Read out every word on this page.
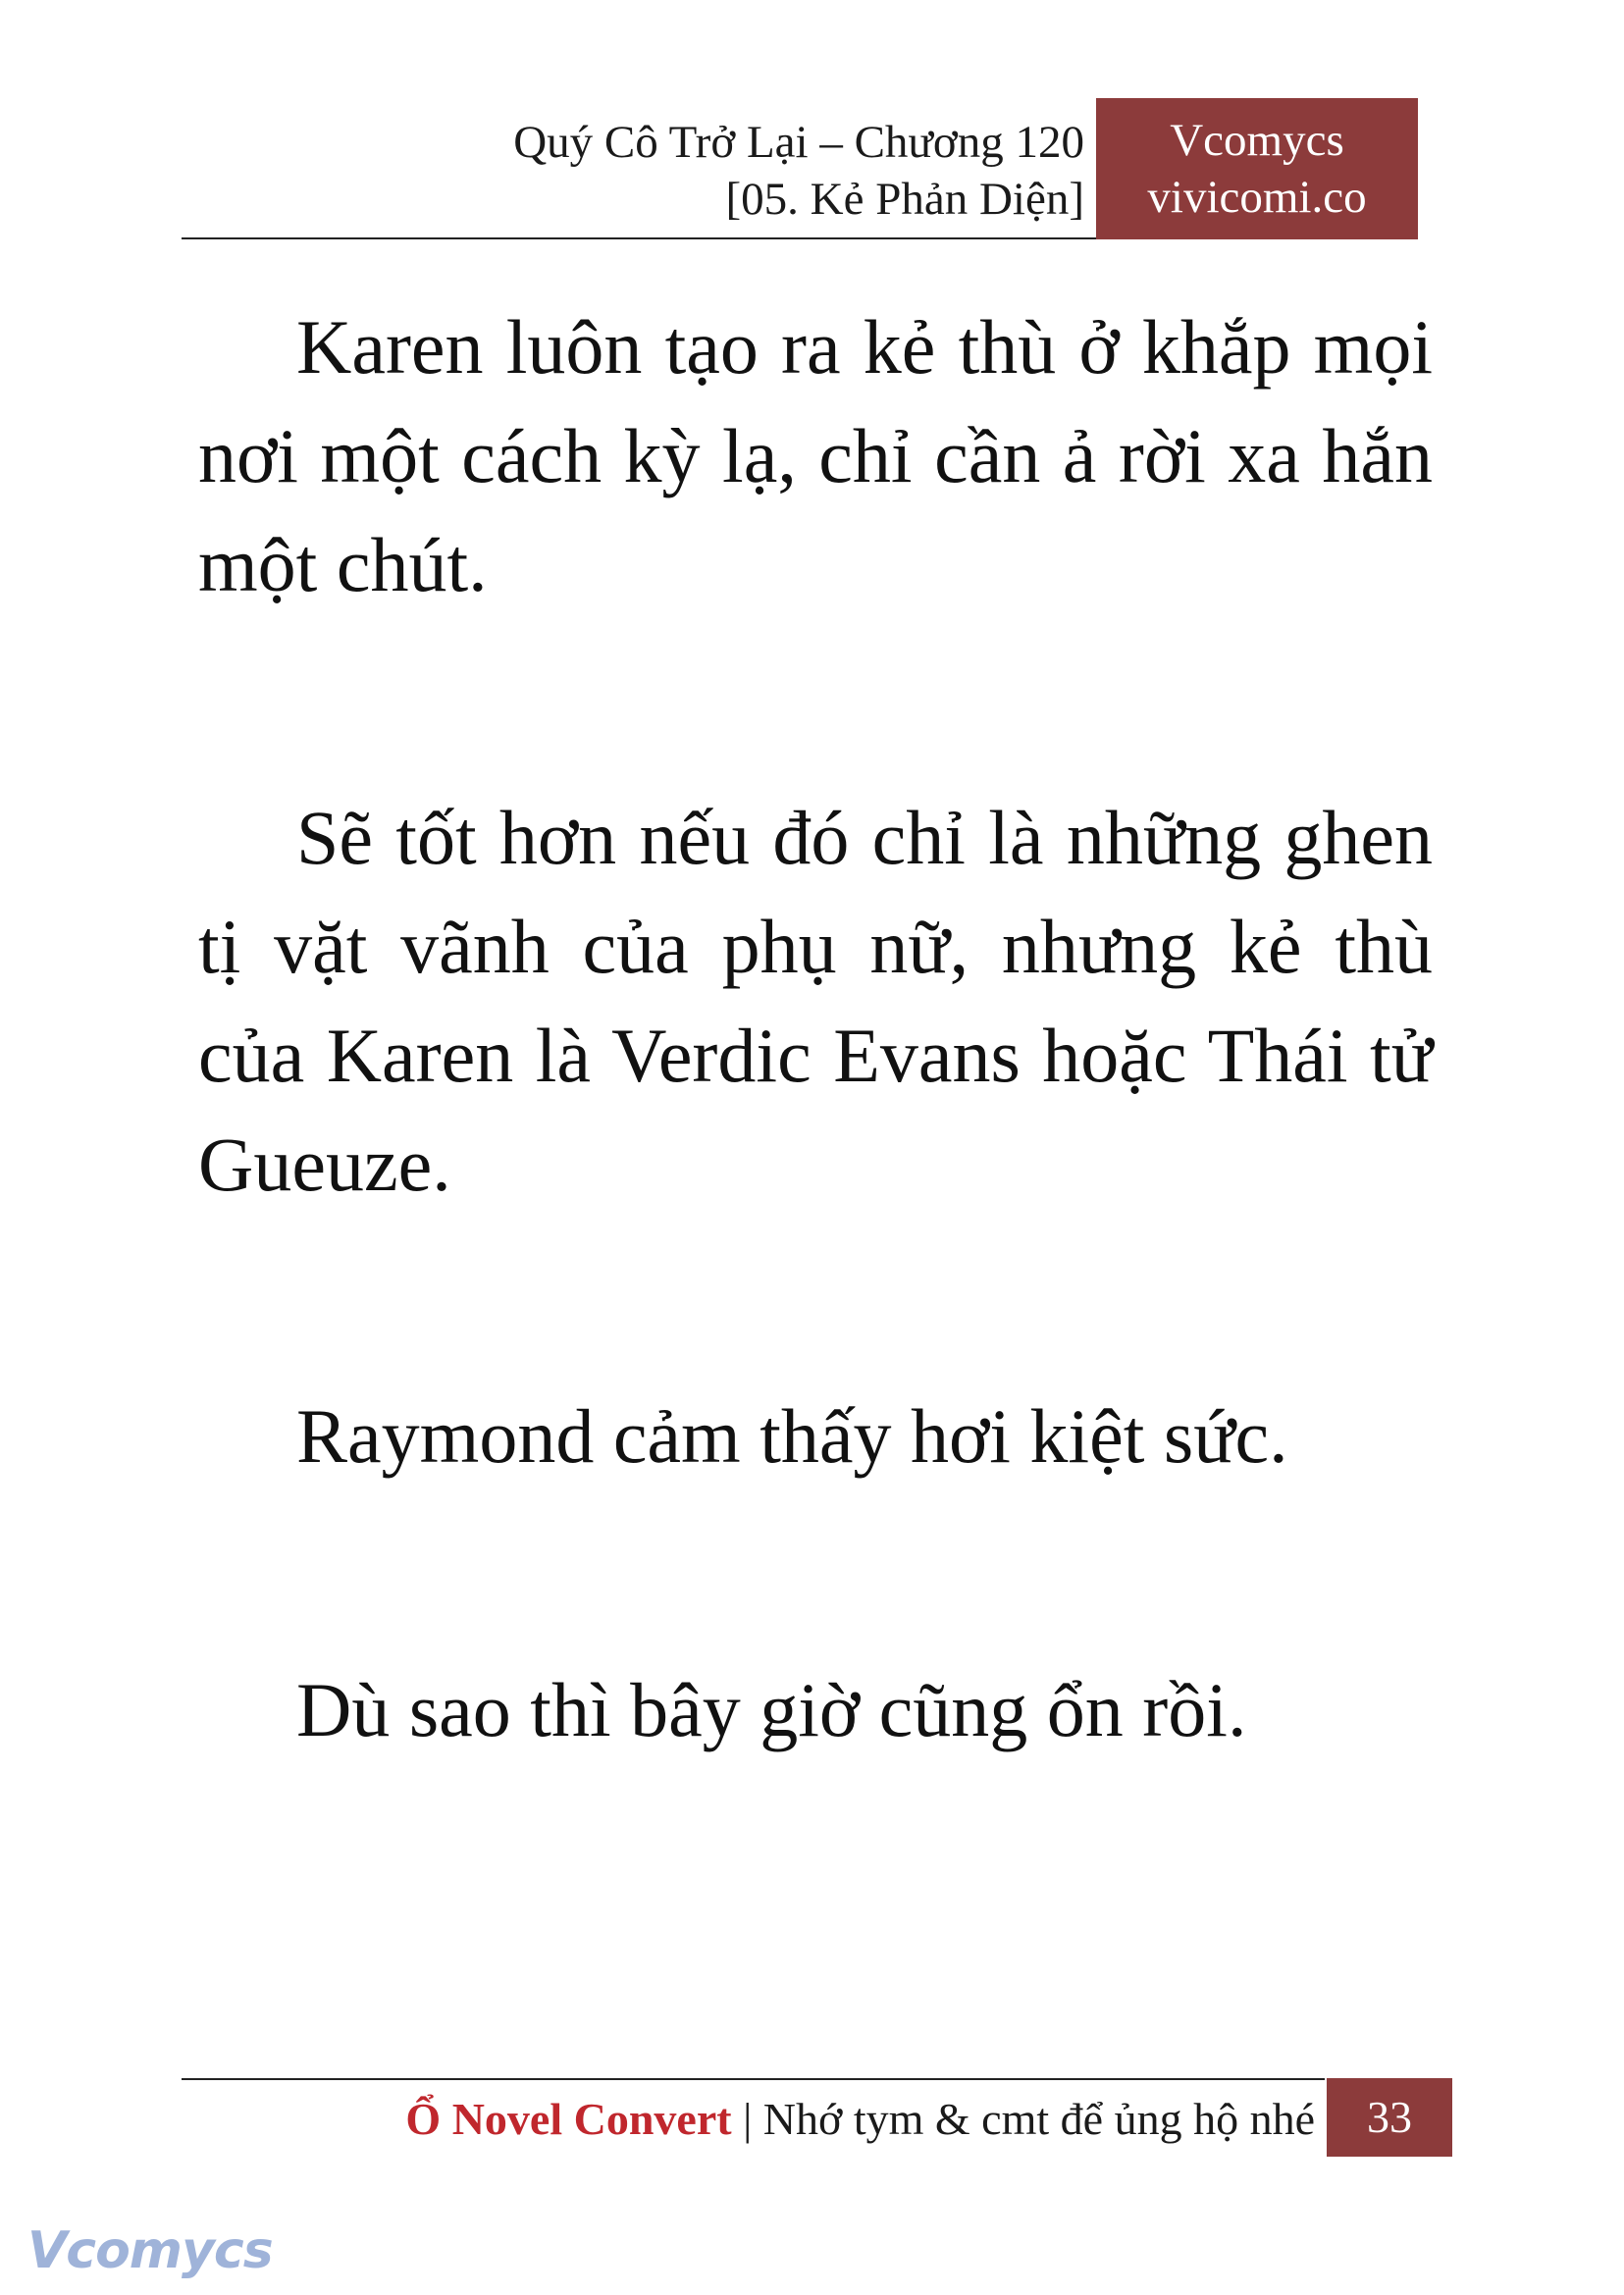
Quý Cô Trở Lại – Chương 120
[05. Kẻ Phản Diện]
Vcomycs
vivicomi.co

Karen luôn tạo ra kẻ thù ở khắp mọi nơi một cách kỳ lạ, chỉ cần ả rời xa hắn một chút.

Sẽ tốt hơn nếu đó chỉ là những ghen tị vặt vãnh của phụ nữ, nhưng kẻ thù của Karen là Verdic Evans hoặc Thái tử Gueuze.

Raymond cảm thấy hơi kiệt sức.

Dù sao thì bây giờ cũng ổn rồi.

Ổ Novel Convert | Nhớ tym & cmt để ủng hộ nhé	33
Vcomycs
